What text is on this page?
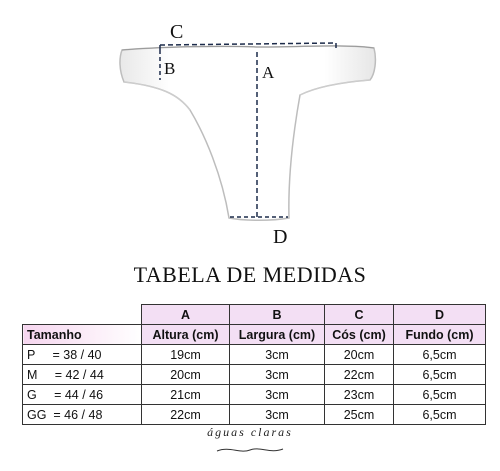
C
B	A
D
TABELA DE MEDIDAS
	A	B	C	D
Tamanho	Altura (cm)	Largura (cm)	Cós (cm)	Fundo (cm)
P     = 38 / 40	19cm	3cm	20cm	6,5cm
M     = 42 / 44	20cm	3cm	22cm	6,5cm
G     = 44 / 46	21cm	3cm	23cm	6,5cm
GG  = 46 / 48	22cm	3cm	25cm	6,5cm
águas claras
